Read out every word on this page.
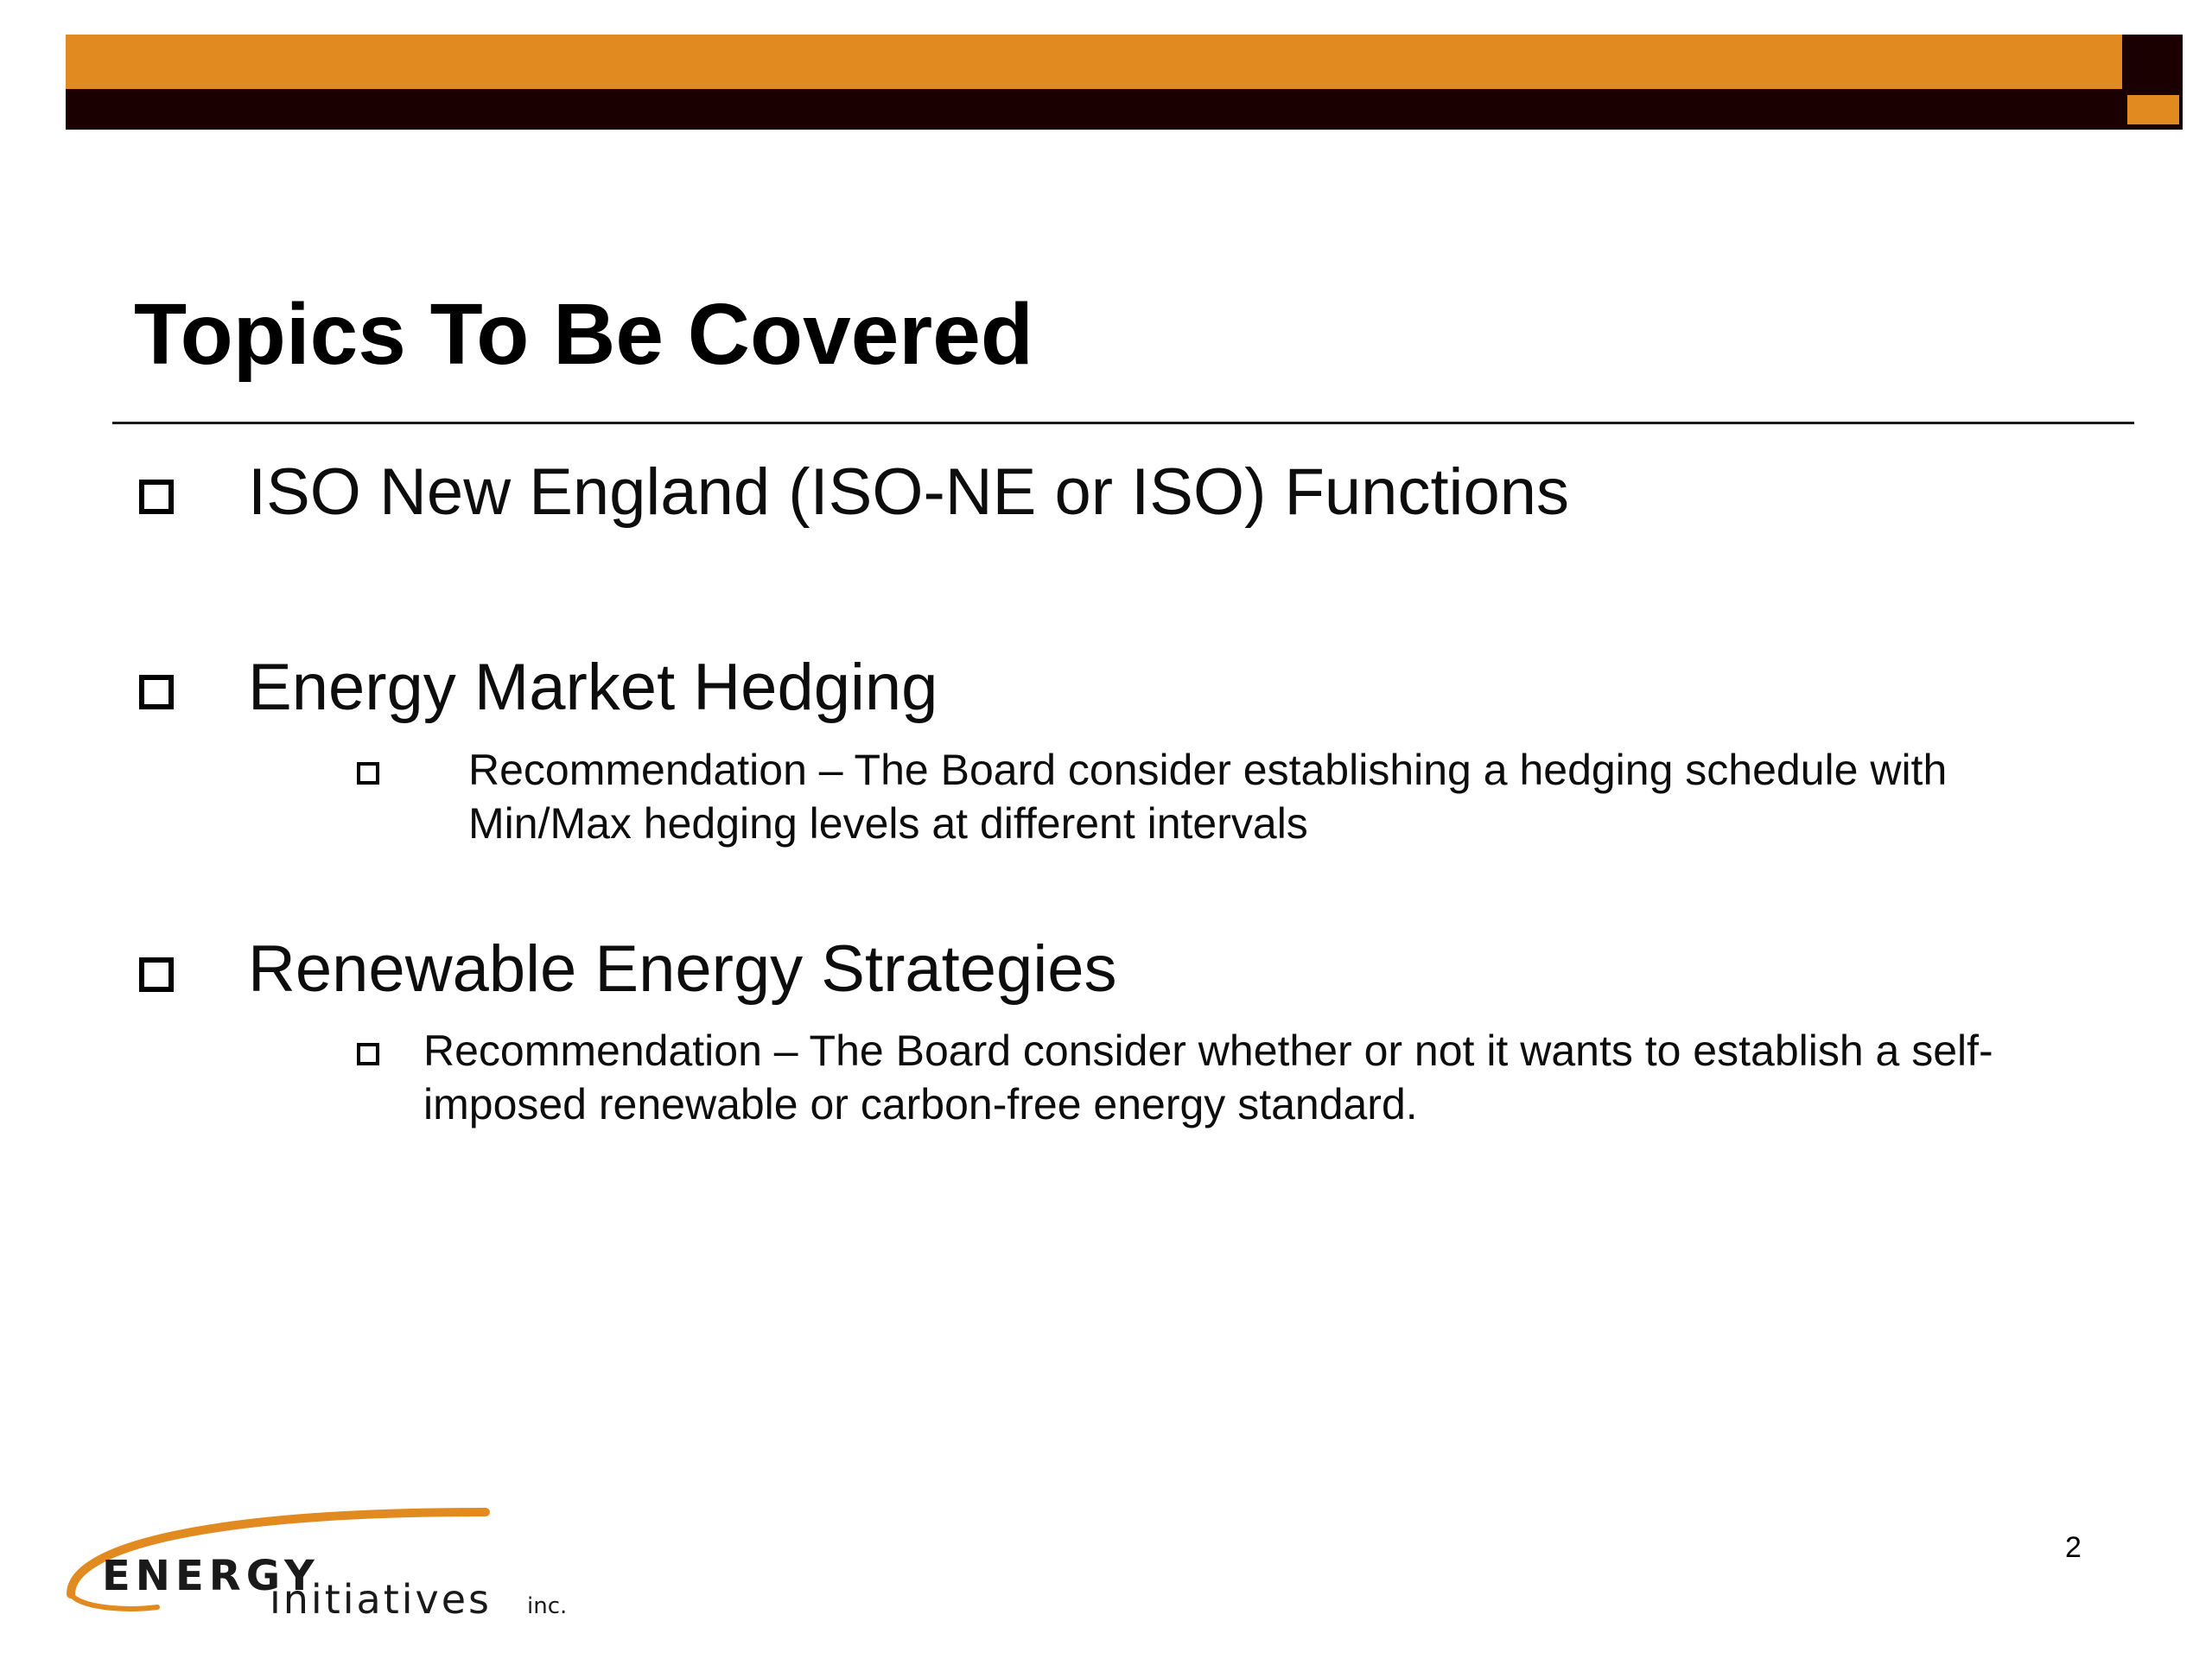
Topics To Be Covered
ISO New England (ISO-NE or ISO) Functions
Energy Market Hedging
Recommendation – The Board consider establishing a hedging schedule with Min/Max hedging levels at different intervals
Renewable Energy Strategies
Recommendation – The Board consider whether or not it wants to establish a self-imposed renewable or carbon-free energy standard.
ENERGY
initiatives inc.
2
